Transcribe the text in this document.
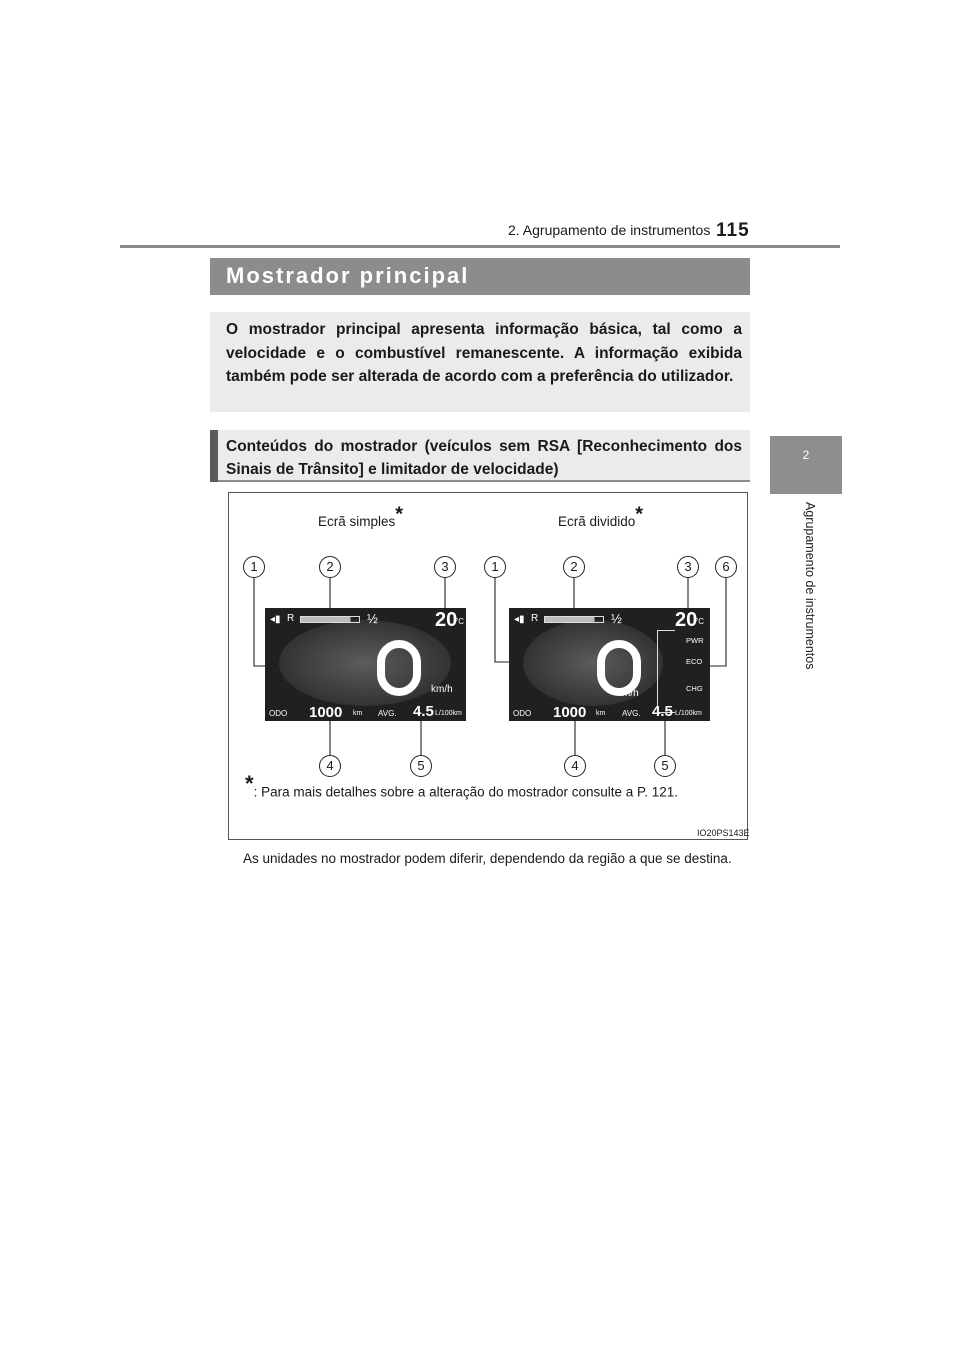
2. Agrupamento de instrumentos 115
2
Agrupamento de instrumentos
Mostrador principal
O mostrador principal apresenta informação básica, tal como a velocidade e o combustível remanescente. A informação exibida também pode ser alterada de acordo com a preferência do utilizador.
Conteúdos do mostrador (veículos sem RSA [Reconhecimento dos Sinais de Trânsito] e limitador de velocidade)
Ecrã simples*	Ecrã dividido*
1	2	3
4	5
1	2	3	6
4	5
◂▮ R	½	20
°C
km/h
ODO 1000 km AVG. 4.5 L/100km
◂▮ R	½	20
°C
km/h
PWR
ECO
CHG
ODO 1000 km AVG. 4.5 L/100km
*: Para mais detalhes sobre a alteração do mostrador consulte a P. 121.
IO20PS143E
As unidades no mostrador podem diferir, dependendo da região a que se destina.
